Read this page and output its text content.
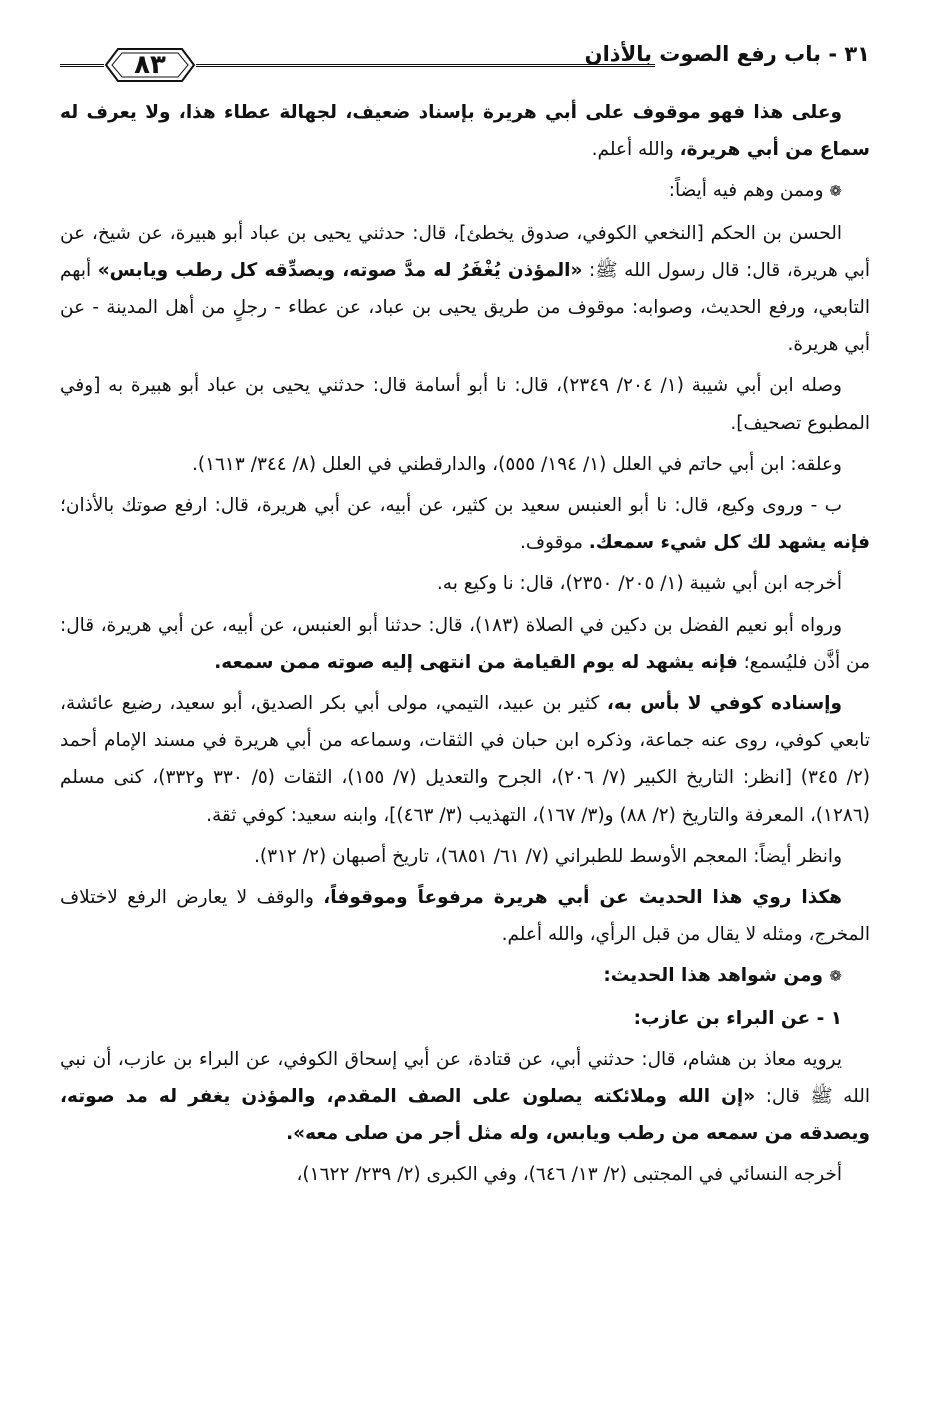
٣١ - باب رفع الصوت بالأذان
٨٣

وعلى هذا فهو موقوف على أبي هريرة بإسناد ضعيف، لجهالة عطاء هذا، ولا يعرف له سماع من أبي هريرة، والله أعلم.

❁ وممن وهم فيه أيضاً:

الحسن بن الحكم [النخعي الكوفي، صدوق يخطئ]، قال: حدثني يحيى بن عباد أبو هبيرة، عن شيخ، عن أبي هريرة، قال: قال رسول الله ﷺ: «المؤذن يُغْفَرُ له مدَّ صوته، ويصدِّقه كل رطب ويابس» أبهم التابعي، ورفع الحديث، وصوابه: موقوف من طريق يحيى بن عباد، عن عطاء - رجلٍ من أهل المدينة - عن أبي هريرة.

وصله ابن أبي شيبة (١/ ٢٠٤/ ٢٣٤٩)، قال: نا أبو أسامة قال: حدثني يحيى بن عباد أبو هبيرة به [وفي المطبوع تصحيف].

وعلقه: ابن أبي حاتم في العلل (١/ ١٩٤/ ٥٥٥)، والدارقطني في العلل (٨/ ٣٤٤/ ١٦١٣).

ب - وروى وكيع، قال: نا أبو العنبس سعيد بن كثير، عن أبيه، عن أبي هريرة، قال: ارفع صوتك بالأذان؛ فإنه يشهد لك كل شيء سمعك. موقوف.

أخرجه ابن أبي شيبة (١/ ٢٠٥/ ٢٣٥٠)، قال: نا وكيع به.

ورواه أبو نعيم الفضل بن دكين في الصلاة (١٨٣)، قال: حدثنا أبو العنبس، عن أبيه، عن أبي هريرة، قال: من أذَّن فليُسمع؛ فإنه يشهد له يوم القيامة من انتهى إليه صوته ممن سمعه.

وإسناده كوفي لا بأس به، كثير بن عبيد، التيمي، مولى أبي بكر الصديق، أبو سعيد، رضيع عائشة، تابعي كوفي، روى عنه جماعة، وذكره ابن حبان في الثقات، وسماعه من أبي هريرة في مسند الإمام أحمد (٢/ ٣٤٥) [انظر: التاريخ الكبير (٧/ ٢٠٦)، الجرح والتعديل (٧/ ١٥٥)، الثقات (٥/ ٣٣٠ و٣٣٢)، كنى مسلم (١٢٨٦)، المعرفة والتاريخ (٢/ ٨٨) و(٣/ ١٦٧)، التهذيب (٣/ ٤٦٣)]، وابنه سعيد: كوفي ثقة.

وانظر أيضاً: المعجم الأوسط للطبراني (٧/ ٦١/ ٦٨٥١)، تاريخ أصبهان (٢/ ٣١٢).

هكذا روي هذا الحديث عن أبي هريرة مرفوعاً وموقوفاً، والوقف لا يعارض الرفع لاختلاف المخرج، ومثله لا يقال من قبل الرأي، والله أعلم.

❁ ومن شواهد هذا الحديث:

١ - عن البراء بن عازب:

يرويه معاذ بن هشام، قال: حدثني أبي، عن قتادة، عن أبي إسحاق الكوفي، عن البراء بن عازب، أن نبي الله ﷺ قال: «إن الله وملائكته يصلون على الصف المقدم، والمؤذن يغفر له مد صوته، ويصدقه من سمعه من رطب ويابس، وله مثل أجر من صلى معه».

أخرجه النسائي في المجتبى (٢/ ١٣/ ٦٤٦)، وفي الكبرى (٢/ ٢٣٩/ ١٦٢٢)،
